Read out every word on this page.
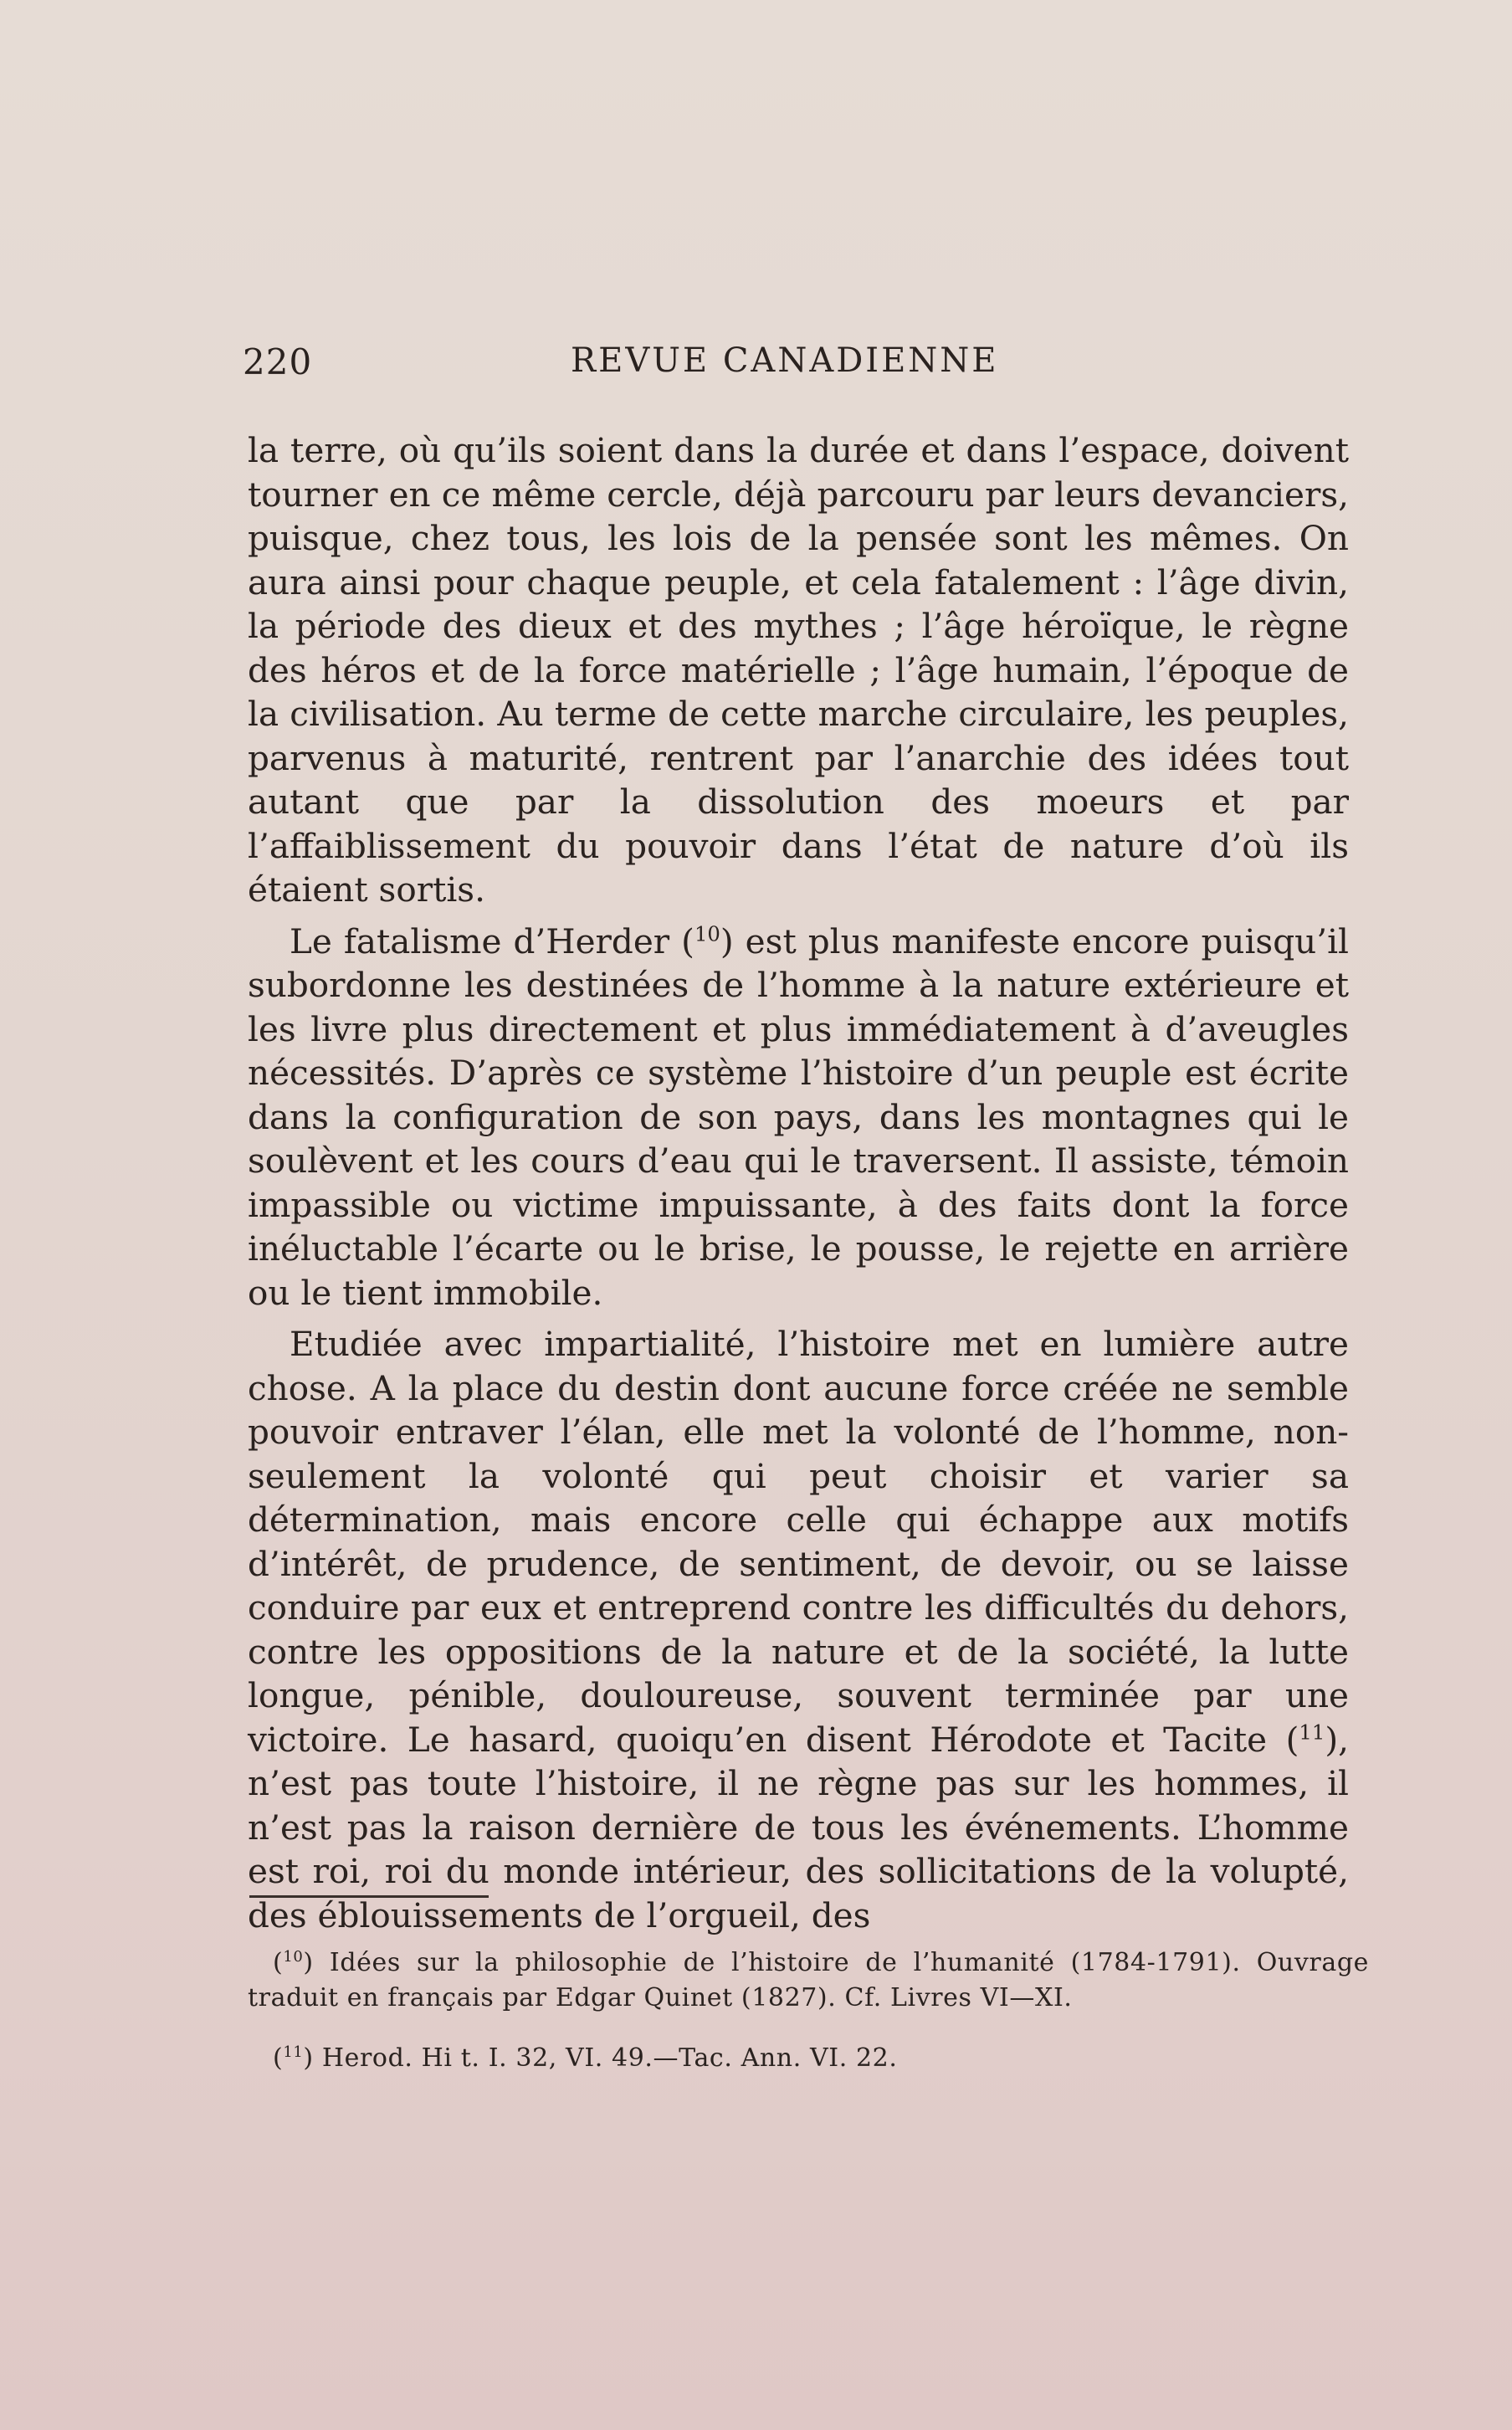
220	REVUE CANADIENNE

la terre, où qu’ils soient dans la durée et dans l’espace, doivent tourner en ce même cercle, déjà parcouru par leurs devanciers, puisque, chez tous, les lois de la pensée sont les mêmes. On aura ainsi pour chaque peuple, et cela fatalement : l’âge divin, la période des dieux et des mythes ; l’âge héroïque, le règne des héros et de la force matérielle ; l’âge humain, l’époque de la civilisation. Au terme de cette marche circulaire, les peuples, parvenus à maturité, rentrent par l’anarchie des idées tout autant que par la dissolution des moeurs et par l’affaiblissement du pouvoir dans l’état de nature d’où ils étaient sortis.

Le fatalisme d’Herder ($^{10}$) est plus manifeste encore puisqu’il subordonne les destinées de l’homme à la nature extérieure et les livre plus directement et plus immédiatement à d’aveugles nécessités. D’après ce système l’histoire d’un peuple est écrite dans la configuration de son pays, dans les montagnes qui le soulèvent et les cours d’eau qui le traversent. Il assiste, témoin impassible ou victime impuissante, à des faits dont la force inéluctable l’écarte ou le brise, le pousse, le rejette en arrière ou le tient immobile.

Etudiée avec impartialité, l’histoire met en lumière autre chose. A la place du destin dont aucune force créée ne semble pouvoir entraver l’élan, elle met la volonté de l’homme, non-seulement la volonté qui peut choisir et varier sa détermination, mais encore celle qui échappe aux motifs d’intérêt, de prudence, de sentiment, de devoir, ou se laisse conduire par eux et entreprend contre les difficultés du dehors, contre les oppositions de la nature et de la société, la lutte longue, pénible, douloureuse, souvent terminée par une victoire. Le hasard, quoiqu’en disent Hérodote et Tacite ($^{11}$), n’est pas toute l’histoire, il ne règne pas sur les hommes, il n’est pas la raison dernière de tous les événements. L’homme est roi, roi du monde intérieur, des sollicitations de la volupté, des éblouissements de l’orgueil, des

($^{10}$) Idées sur la philosophie de l’histoire de l’humanité (1784-1791). Ouvrage traduit en français par Edgar Quinet (1827). Cf. Livres VI—XI.

($^{11}$) Herod. Hi t. I. 32, VI. 49.—Tac. Ann. VI. 22.
